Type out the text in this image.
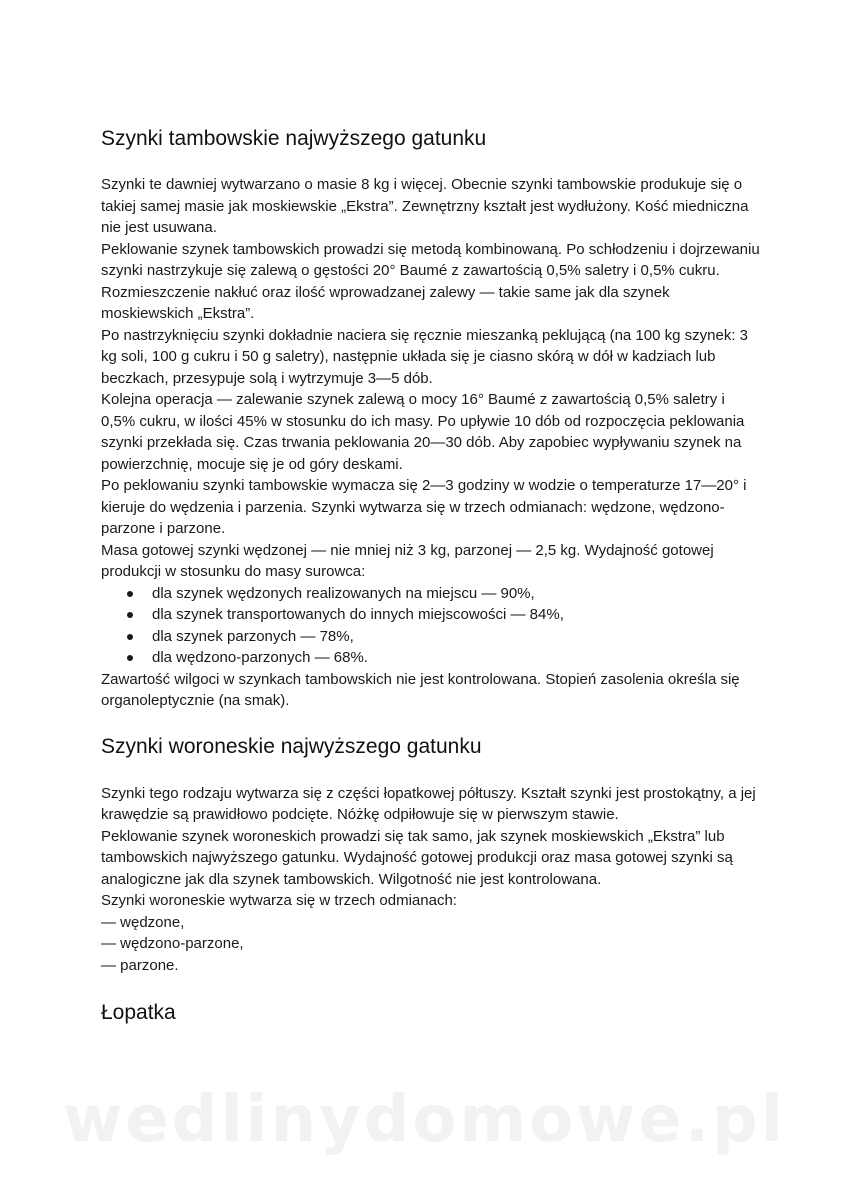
Szynki tambowskie najwyższego gatunku

Szynki te dawniej wytwarzano o masie 8 kg i więcej. Obecnie szynki tambowskie produkuje się o takiej samej masie jak moskiewskie „Ekstra”. Zewnętrzny kształt jest wydłużony. Kość miedniczna nie jest usuwana.

Peklowanie szynek tambowskich prowadzi się metodą kombinowaną. Po schłodzeniu i dojrzewaniu szynki nastrzykuje się zalewą o gęstości 20° Baumé z zawartością 0,5% saletry i 0,5% cukru. Rozmieszczenie nakłuć oraz ilość wprowadzanej zalewy — takie same jak dla szynek moskiewskich „Ekstra”.

Po nastrzyknięciu szynki dokładnie naciera się ręcznie mieszanką peklującą (na 100 kg szynek: 3 kg soli, 100 g cukru i 50 g saletry), następnie układa się je ciasno skórą w dół w kadziach lub beczkach, przesypuje solą i wytrzymuje 3—5 dób.

Kolejna operacja — zalewanie szynek zalewą o mocy 16° Baumé z zawartością 0,5% saletry i 0,5% cukru, w ilości 45% w stosunku do ich masy. Po upływie 10 dób od rozpoczęcia peklowania szynki przekłada się. Czas trwania peklowania 20—30 dób. Aby zapobiec wypływaniu szynek na powierzchnię, mocuje się je od góry deskami.

Po peklowaniu szynki tambowskie wymacza się 2—3 godziny w wodzie o temperaturze 17—20° i kieruje do wędzenia i parzenia. Szynki wytwarza się w trzech odmianach: wędzone, wędzono-parzone i parzone.

Masa gotowej szynki wędzonej — nie mniej niż 3 kg, parzonej — 2,5 kg. Wydajność gotowej produkcji w stosunku do masy surowca:

dla szynek wędzonych realizowanych na miejscu — 90%,
dla szynek transportowanych do innych miejscowości — 84%,
dla szynek parzonych — 78%,
dla wędzono-parzonych — 68%.

Zawartość wilgoci w szynkach tambowskich nie jest kontrolowana. Stopień zasolenia określa się organoleptycznie (na smak).

Szynki woroneskie najwyższego gatunku

Szynki tego rodzaju wytwarza się z części łopatkowej półtuszy. Kształt szynki jest prostokątny, a jej krawędzie są prawidłowo podcięte. Nóżkę odpiłowuje się w pierwszym stawie.

Peklowanie szynek woroneskich prowadzi się tak samo, jak szynek moskiewskich „Ekstra” lub tambowskich najwyższego gatunku. Wydajność gotowej produkcji oraz masa gotowej szynki są analogiczne jak dla szynek tambowskich. Wilgotność nie jest kontrolowana.

Szynki woroneskie wytwarza się w trzech odmianach:

— wędzone,

— wędzono-parzone,

— parzone.

Łopatka
wedlinydomowe.pl
